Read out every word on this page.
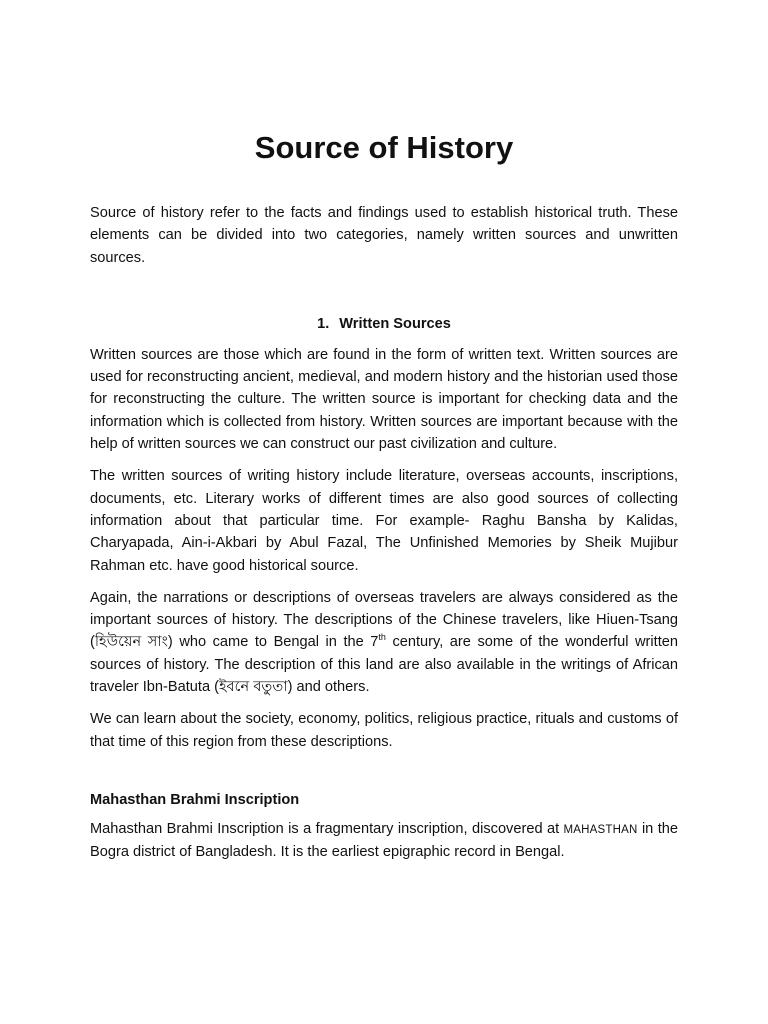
Source of History

Source of history refer to the facts and findings used to establish historical truth. These elements can be divided into two categories, namely written sources and unwritten sources.

1. Written Sources

Written sources are those which are found in the form of written text. Written sources are used for reconstructing ancient, medieval, and modern history and the historian used those for reconstructing the culture. The written source is important for checking data and the information which is collected from history. Written sources are important because with the help of written sources we can construct our past civilization and culture.

The written sources of writing history include literature, overseas accounts, inscriptions, documents, etc. Literary works of different times are also good sources of collecting information about that particular time. For example- Raghu Bansha by Kalidas, Charyapada, Ain-i-Akbari by Abul Fazal, The Unfinished Memories by Sheik Mujibur Rahman etc. have good historical source.

Again, the narrations or descriptions of overseas travelers are always considered as the important sources of history. The descriptions of the Chinese travelers, like Hiuen-Tsang (হিউয়েন সাং) who came to Bengal in the 7th century, are some of the wonderful written sources of history. The description of this land are also available in the writings of African traveler Ibn-Batuta (ইবনে বতুতা) and others.

We can learn about the society, economy, politics, religious practice, rituals and customs of that time of this region from these descriptions.

Mahasthan Brahmi Inscription

Mahasthan Brahmi Inscription is a fragmentary inscription, discovered at MAHASTHAN in the Bogra district of Bangladesh. It is the earliest epigraphic record in Bengal.
